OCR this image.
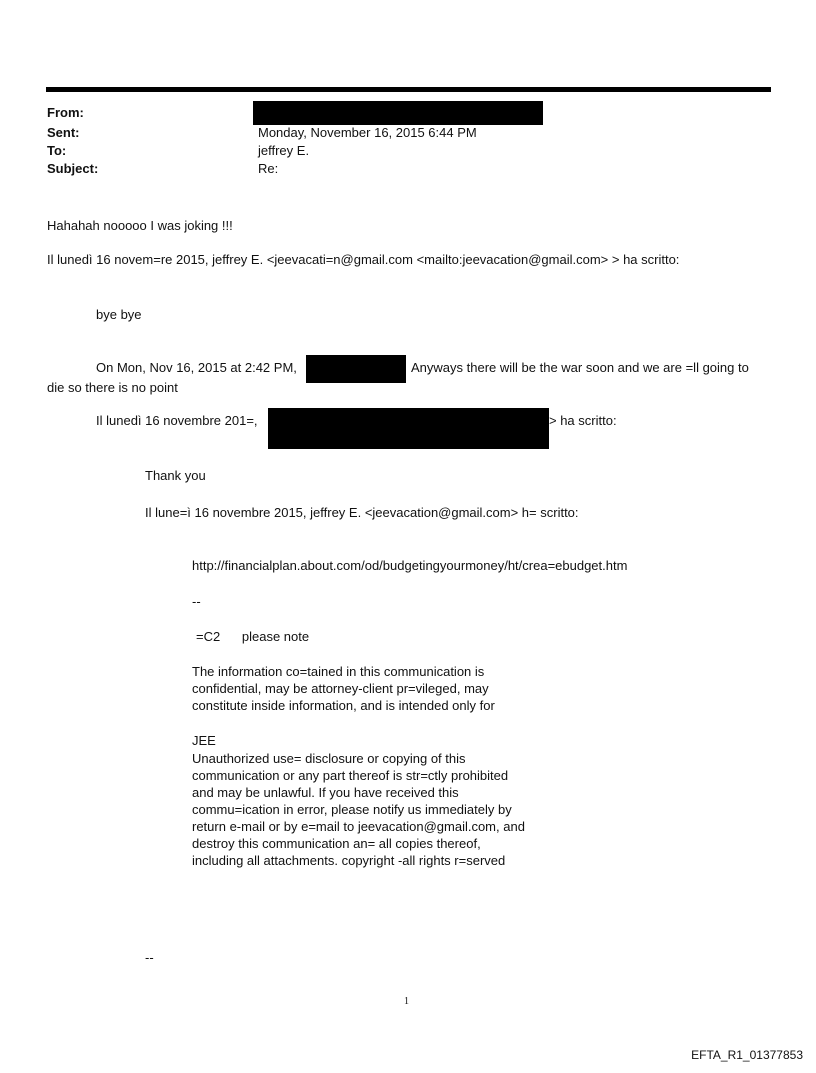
From:
Sent:	Monday, November 16, 2015 6:44 PM
To:	jeffrey E.
Subject:	Re:
Hahahah nooooo I was joking !!!
Il lunedì 16 novem=re 2015, jeffrey E. <jeevacati=n@gmail.com <mailto:jeevacation@gmail.com> > ha scritto:
bye bye
On Mon, Nov 16, 2015 at 2:42 PM,	Anyways there will be the war soon and we are =ll going to
die so there is no point
Il lunedì 16 novembre 201=,	> ha scritto:
Thank you
Il lune=ì 16 novembre 2015, jeffrey E. <jeevacation@gmail.com> h= scritto:
http://financialplan.about.com/od/budgetingyourmoney/ht/crea=ebudget.htm
--
=C2      please note
The information co=tained in this communication is
confidential, may be attorney-client pr=vileged, may
constitute inside information, and is intended only for
JEE
Unauthorized use= disclosure or copying of this
communication or any part thereof is str=ctly prohibited
and may be unlawful. If you have received this
commu=ication in error, please notify us immediately by
return e-mail or by e=mail to jeevacation@gmail.com, and
destroy this communication an= all copies thereof,
including all attachments. copyright -all rights r=served
--
1
EFTA_R1_01377853
